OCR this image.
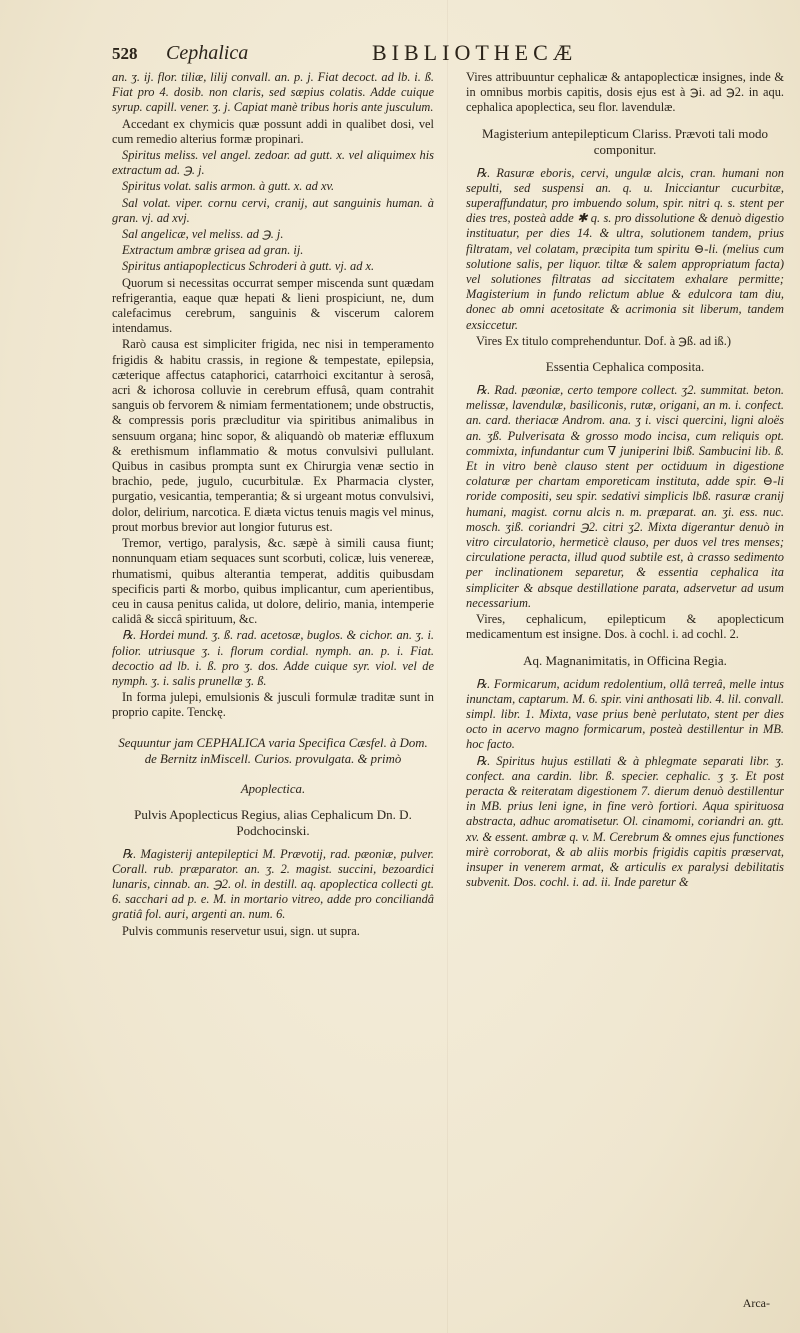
528 Cephalica	BIBLIOTHECÆ

an. ʒ. ij. flor. tiliæ, lilij convall. an. p. j. Fiat decoct. ad lb. i. ß. Fiat pro 4. dosib. non claris, sed sæpius colatis. Adde cuique syrup. capill. vener. ʒ. j. Capiat manè tribus horis ante jusculum.

Accedant ex chymicis quæ possunt addi in qualibet dosi, vel cum remedio alterius formæ propinari.

Spiritus meliss. vel angel. zedoar. ad gutt. x. vel aliquimex his extractum ad. ℈. j.

Spiritus volat. salis armon. à gutt. x. ad xv.

Sal volat. viper. cornu cervi, cranij, aut sanguinis human. à gran. vj. ad xvj.

Sal angelicæ, vel meliss. ad ℈. j.

Extractum ambræ grisea ad gran. ij.

Spiritus antiapoplecticus Schroderi à gutt. vj. ad x.

Quorum si necessitas occurrat semper miscenda sunt quædam refrigerantia, eaque quæ hepati & lieni prospiciunt, ne, dum calefacimus cerebrum, sanguinis & viscerum calorem intendamus.

Rarò causa est simpliciter frigida, nec nisi in temperamento frigidis & habitu crassis, in regione & tempestate, epilepsia, cæterique affectus cataphorici, catarrhoici excitantur à serosâ, acri & ichorosa colluvie in cerebrum effusâ, quam contrahit sanguis ob fervorem & nimiam fermentationem; unde obstructis, & compressis poris præcluditur via spiritibus animalibus in sensuum organa; hinc sopor, & aliquandò ob materiæ effluxum & erethismum inflammatio & motus convulsivi pullulant. Quibus in casibus prompta sunt ex Chirurgia venæ sectio in brachio, pede, jugulo, cucurbitulæ. Ex Pharmacia clyster, purgatio, vesicantia, temperantia; & si urgeant motus convulsivi, dolor, delirium, narcotica. E diæta victus tenuis magis vel minus, prout morbus brevior aut longior futurus est.

Tremor, vertigo, paralysis, &c. sæpè à simili causa fiunt; nonnunquam etiam sequaces sunt scorbuti, colicæ, luis venereæ, rhumatismi, quibus alterantia temperat, additis quibusdam specificis parti & morbo, quibus implicantur, cum aperientibus, ceu in causa penitus calida, ut dolore, delirio, mania, intemperie calidâ & siccâ spirituum, &c.

℞. Hordei mund. ʒ. ß. rad. acetosæ, buglos. & cichor. an. ʒ. i. folior. utriusque ʒ. i. florum cordial. nymph. an. p. i. Fiat. decoctio ad lb. i. ß. pro ʒ. dos. Adde cuique syr. viol. vel de nymph. ʒ. i. salis prunellæ ʒ. ß.

In forma julepi, emulsionis & jusculi formulæ traditæ sunt in proprio capite. Tenckę.

Sequuntur jam CEPHALICA varia Specifica Cæsfel. à Dom. de Bernitz inMiscell. Curios. provulgata. & primò
Apoplectica.
Pulvis Apoplecticus Regius, alias Cephalicum Dn. D. Podchocinski.

℞. Magisterij antepileptici M. Prævotij, rad. pæoniæ, pulver. Corall. rub. præparator. an. ʒ. 2. magist. succini, bezoardici lunaris, cinnab. an. ℈2. ol. in destill. aq. apoplectica collecti gt. 6. sacchari ad p. e. M. in mortario vitreo, adde pro conciliandâ gratiâ fol. auri, argenti an. num. 6.

Pulvis communis reservetur usui, sign. ut supra.

Vires attribuuntur cephalicæ & antapoplecticæ insignes, inde & in omnibus morbis capitis, dosis ejus est à ℈i. ad ℈2. in aqu. cephalica apoplectica, seu flor. lavendulæ.

Magisterium antepilepticum Clariss. Prævoti tali modo componitur.

℞. Rasuræ eboris, cervi, ungulæ alcis, cran. humani non sepulti, sed suspensi an. q. u. Inicciantur cucurbitæ, superaffundatur, pro imbuendo solum, spir. nitri q. s. stent per dies tres, posteà adde ✱ q. s. pro dissolutione & denuò digestio instituatur, per dies 14. & ultra, solutionem tandem, prius filtratam, vel colatam, præcipita tum spiritu ⊖-li. (melius cum solutione salis, per liquor. tiltæ & salem appropriatum facta) vel solutiones filtratas ad siccitatem exhalare permitte; Magisterium in fundo relictum ablue & edulcora tam diu, donec ab omni acetositate & acrimonia sit liberum, tandem exsiccetur.

Vires Ex titulo comprehenduntur. Dof. à ℈ß. ad iß.)

Essentia Cephalica composita.

℞. Rad. pæoniæ, certo tempore collect. ʒ2. summitat. beton. melissæ, lavendulæ, basiliconis, rutæ, origani, an m. i. confect. an. card. theriacæ Androm. ana. ʒ i. visci quercini, ligni aloës an. ʒß. Pulverisata & grosso modo incisa, cum reliquis opt. commixta, infundantur cum ∇ juniperini lbiß. Sambucini lib. ß. Et in vitro benè clauso stent per octiduum in digestione colaturæ per chartam emporeticam instituta, adde spir. ⊖-li roride compositi, seu spir. sedativi simplicis lbß. rasuræ cranij humani, magist. cornu alcis n. m. præparat. an. ʒi. ess. nuc. mosch. ʒiß. coriandri ℈2. citri ʒ2. Mixta digerantur denuò in vitro circulatorio, hermeticè clauso, per duos vel tres menses; circulatione peracta, illud quod subtile est, à crasso sedimento per inclinationem separetur, & essentia cephalica ita simpliciter & absque destillatione parata, adservetur ad usum necessarium.

Vires, cephalicum, epilepticum & apoplecticum medicamentum est insigne. Dos. à cochl. i. ad cochl. 2.

Aq. Magnanimitatis, in Officina Regia.

℞. Formicarum, acidum redolentium, ollâ terreâ, melle intus inunctam, captarum. M. 6. spir. vini anthosati lib. 4. lil. convall. simpl. libr. 1. Mixta, vase prius benè perlutato, stent per dies octo in acervo magno formicarum, posteà destillentur in MB. hoc facto.

℞. Spiritus hujus estillati & à phlegmate separati libr. ʒ. confect. ana cardin. libr. ß. specier. cephalic. ʒ ʒ. Et post peracta & reiteratam digestionem 7. dierum denuò destillentur in MB. prius leni igne, in fine verò fortiori. Aqua spirituosa abstracta, adhuc aromatisetur. Ol. cinamomi, coriandri an. gtt. xv. & essent. ambræ q. v. M. Cerebrum & omnes ejus functiones mirè corroborat, & ab aliis morbis frigidis capitis præservat, insuper in venerem armat, & articulis ex paralysi debilitatis subvenit. Dos. cochl. i. ad. ii. Inde paretur &

Arca-
